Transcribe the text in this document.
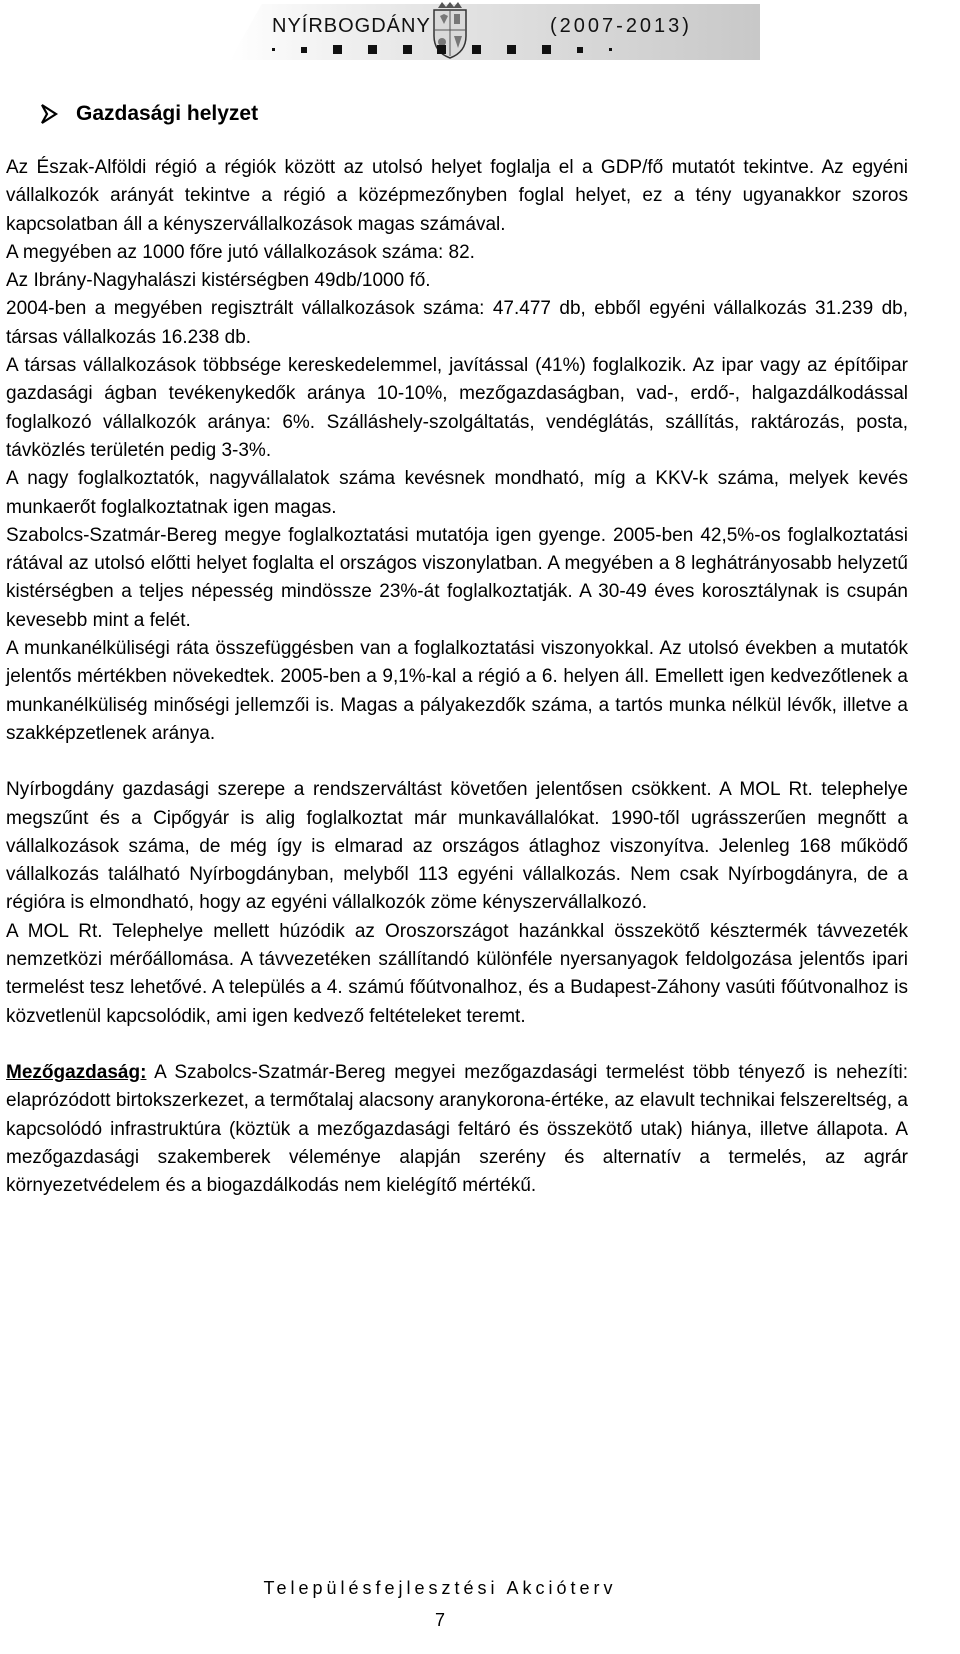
NYÍRBOGDÁNY	(2007-2013)
Gazdasági helyzet

Az Észak-Alföldi régió a régiók között az utolsó helyet foglalja el a GDP/fő mutatót tekintve. Az egyéni vállalkozók arányát tekintve a régió a középmezőnyben foglal helyet, ez a tény ugyanakkor szoros kapcsolatban áll a kényszervállalkozások magas számával.

A megyében az 1000 főre jutó vállalkozások száma: 82.

Az Ibrány-Nagyhalászi kistérségben 49db/1000 fő.

2004-ben a megyében regisztrált vállalkozások száma: 47.477 db, ebből egyéni vállalkozás 31.239 db, társas vállalkozás 16.238 db.

A társas vállalkozások többsége kereskedelemmel, javítással (41%) foglalkozik. Az ipar vagy az építőipar gazdasági ágban tevékenykedők aránya 10-10%, mezőgazdaságban, vad-, erdő-, halgazdálkodással foglalkozó vállalkozók aránya: 6%. Szálláshely-szolgáltatás, vendéglátás, szállítás, raktározás, posta, távközlés területén pedig 3-3%.

A nagy foglalkoztatók, nagyvállalatok száma kevésnek mondható, míg a KKV-k száma, melyek kevés munkaerőt foglalkoztatnak igen magas.

Szabolcs-Szatmár-Bereg megye foglalkoztatási mutatója igen gyenge. 2005-ben 42,5%-os foglalkoztatási rátával az utolsó előtti helyet foglalta el országos viszonylatban. A megyében a 8 leghátrányosabb helyzetű kistérségben a teljes népesség mindössze 23%-át foglalkoztatják. A 30-49 éves korosztálynak is csupán kevesebb mint a felét.

A munkanélküliségi ráta összefüggésben van a foglalkoztatási viszonyokkal. Az utolsó években a mutatók jelentős mértékben növekedtek. 2005-ben a 9,1%-kal a régió a 6. helyen áll. Emellett igen kedvezőtlenek a munkanélküliség minőségi jellemzői is. Magas a pályakezdők száma, a tartós munka nélkül lévők, illetve a szakképzetlenek aránya.

Nyírbogdány gazdasági szerepe a rendszerváltást követően jelentősen csökkent. A MOL Rt. telephelye megszűnt és a Cipőgyár is alig foglalkoztat már munkavállalókat. 1990-től ugrásszerűen megnőtt a vállalkozások száma, de még így is elmarad az országos átlaghoz viszonyítva. Jelenleg 168 működő vállalkozás található Nyírbogdányban, melyből 113 egyéni vállalkozás. Nem csak Nyírbogdányra, de a régióra is elmondható, hogy az egyéni vállalkozók zöme kényszervállalkozó.

A MOL Rt. Telephelye mellett húzódik az Oroszországot hazánkkal összekötő késztermék távvezeték nemzetközi mérőállomása. A távvezetéken szállítandó különféle nyersanyagok feldolgozása jelentős ipari termelést tesz lehetővé. A település a 4. számú főútvonalhoz, és a Budapest-Záhony vasúti főútvonalhoz is közvetlenül kapcsolódik, ami igen kedvező feltételeket teremt.

Mezőgazdaság: A Szabolcs-Szatmár-Bereg megyei mezőgazdasági termelést több tényező is nehezíti: elaprózódott birtokszerkezet, a termőtalaj alacsony aranykorona-értéke, az elavult technikai felszereltség, a kapcsolódó infrastruktúra (köztük a mezőgazdasági feltáró és összekötő utak) hiánya, illetve állapota. A mezőgazdasági szakemberek véleménye alapján szerény és alternatív a termelés, az agrár környezetvédelem és a biogazdálkodás nem kielégítő mértékű.

Településfejlesztési Akcióterv
7
